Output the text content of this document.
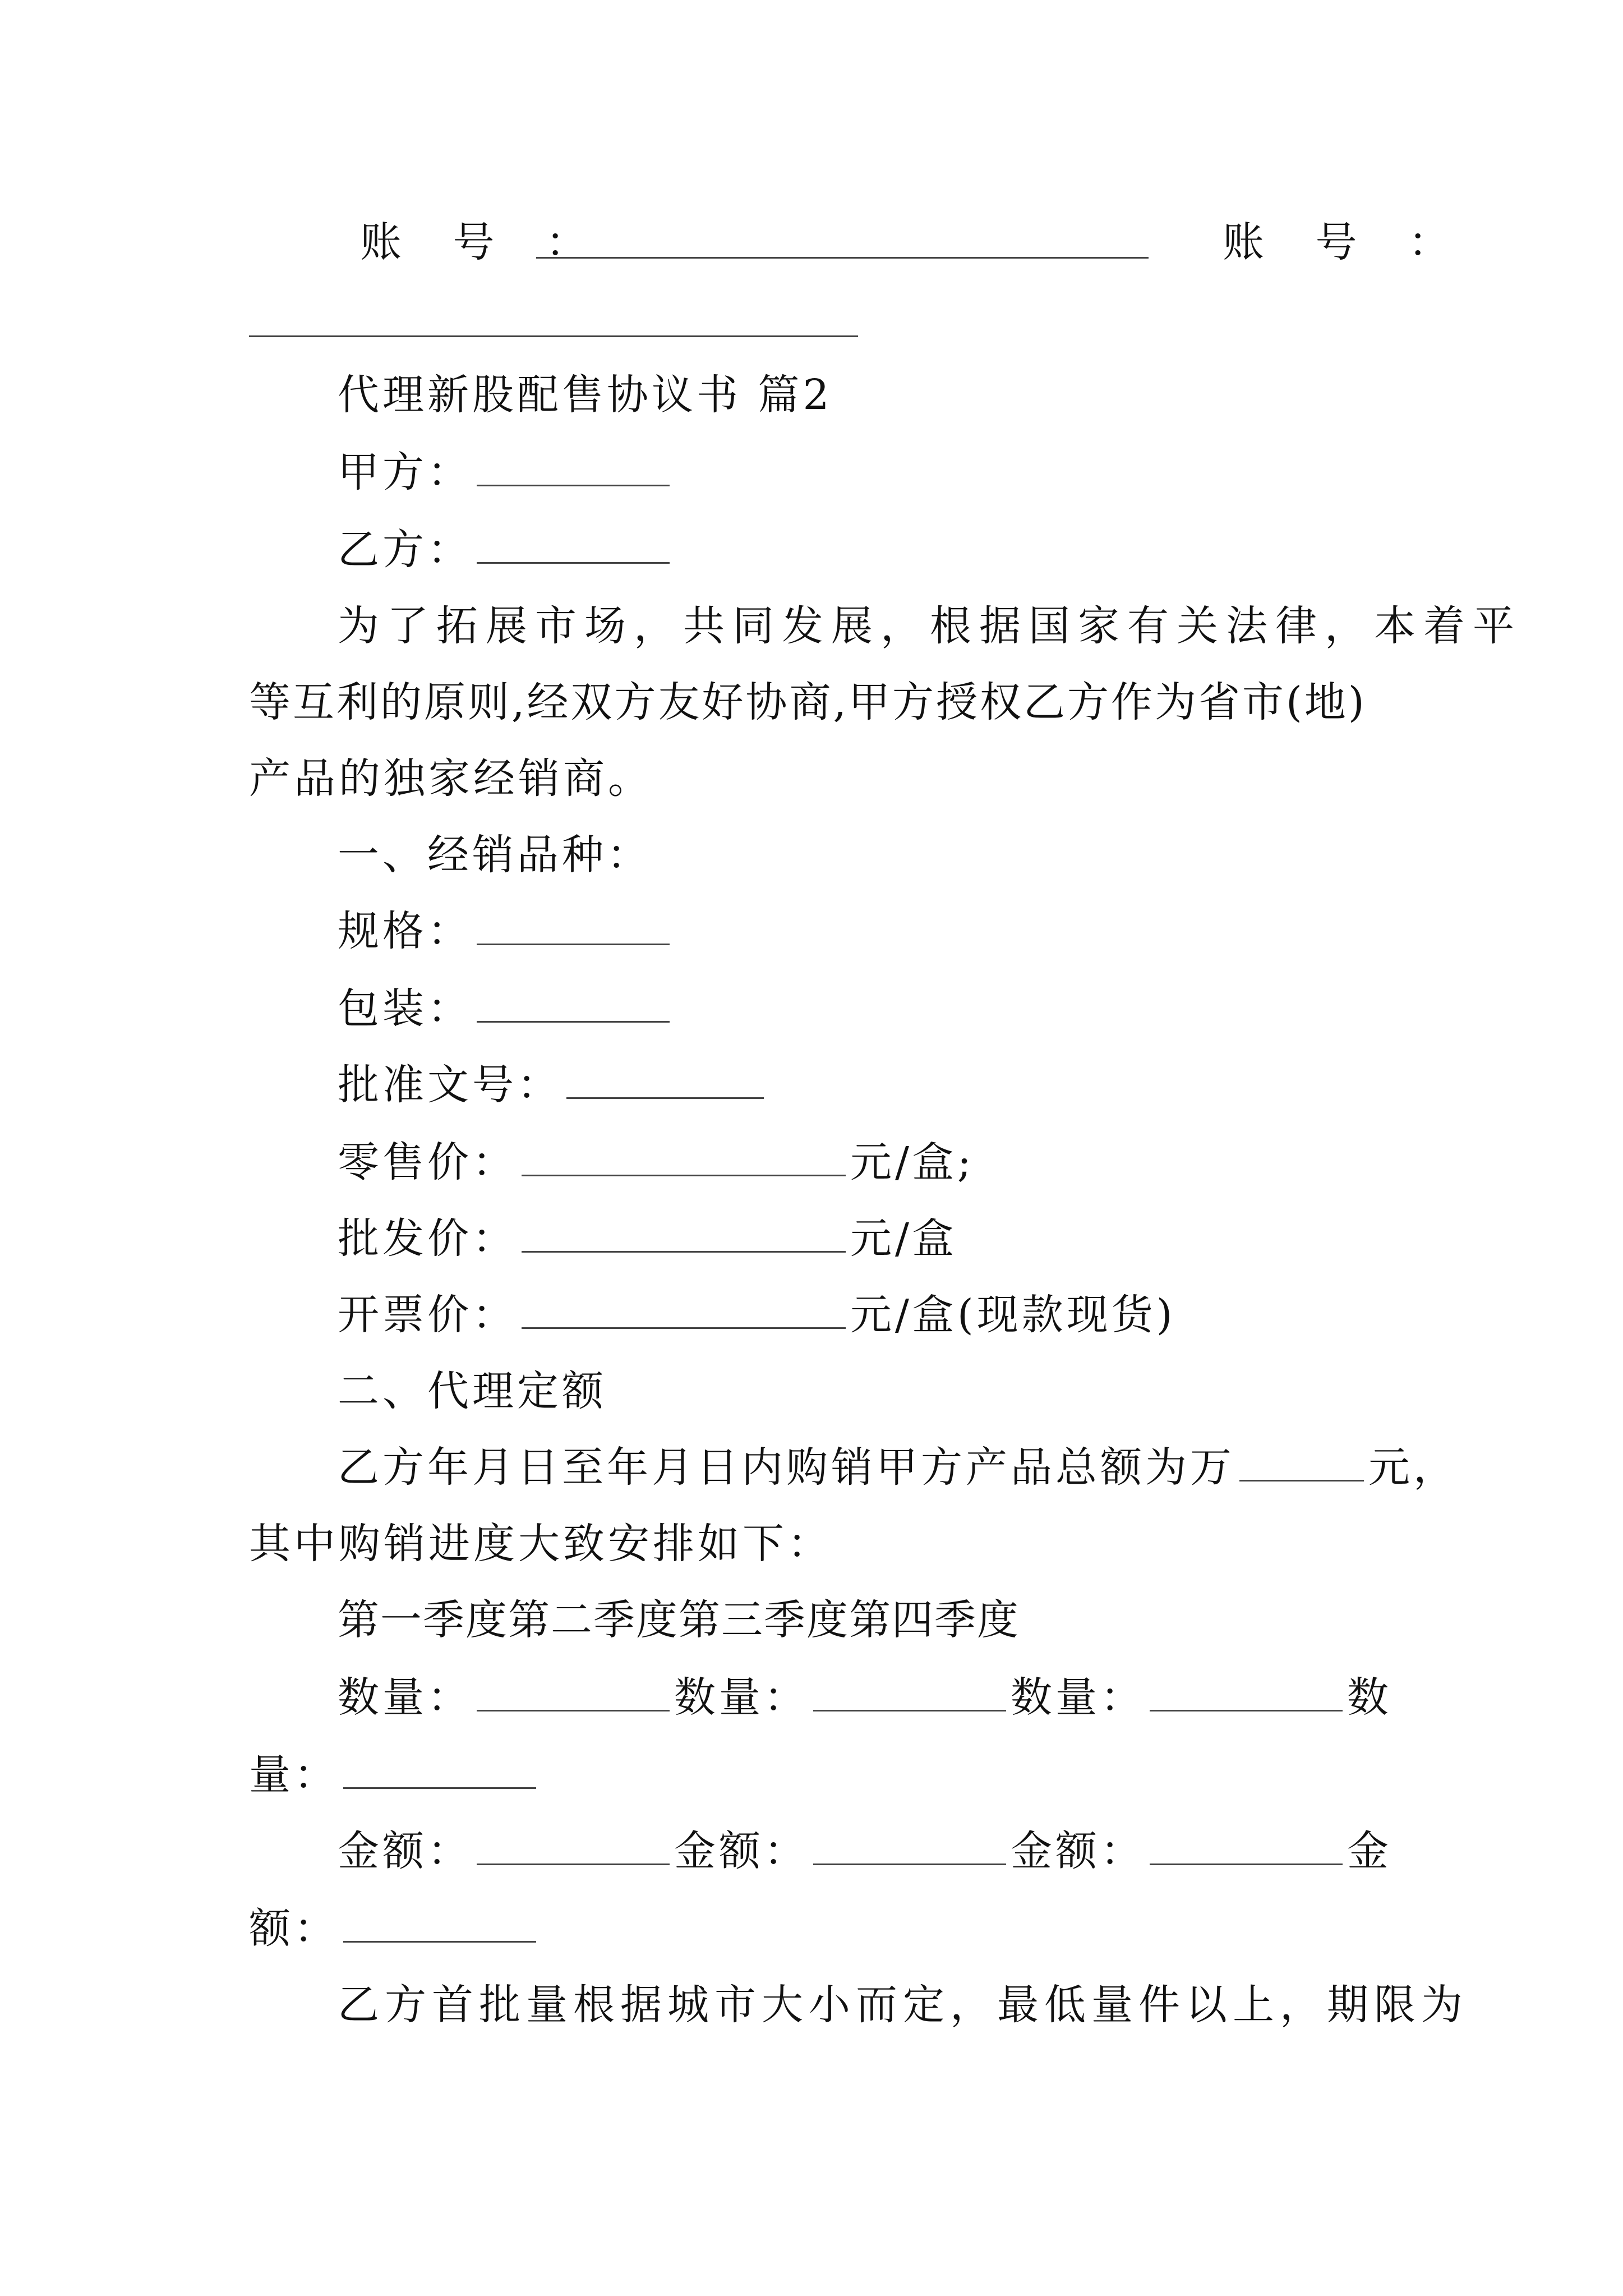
账 号 ：	账 号 ：
代理新股配售协议书 篇2
甲方：
乙方：
为了拓展市场，共同发展，根据国家有关法律，本着平
等互利的原则,经双方友好协商,甲方授权乙方作为省市(地)
产品的独家经销商。
一、经销品种：
规格：
包装：
批准文号：
零售价：	元/盒;
批发价：	元/盒
开票价：	元/盒(现款现货)
二、代理定额
乙方年月日至年月日内购销甲方产品总额为万	元，
其中购销进度大致安排如下：
第一季度第二季度第三季度第四季度
数量：	数量：	数量：	数
量：
金额：	金额：	金额：	金
额：
乙方首批量根据城市大小而定，最低量件以上，期限为
